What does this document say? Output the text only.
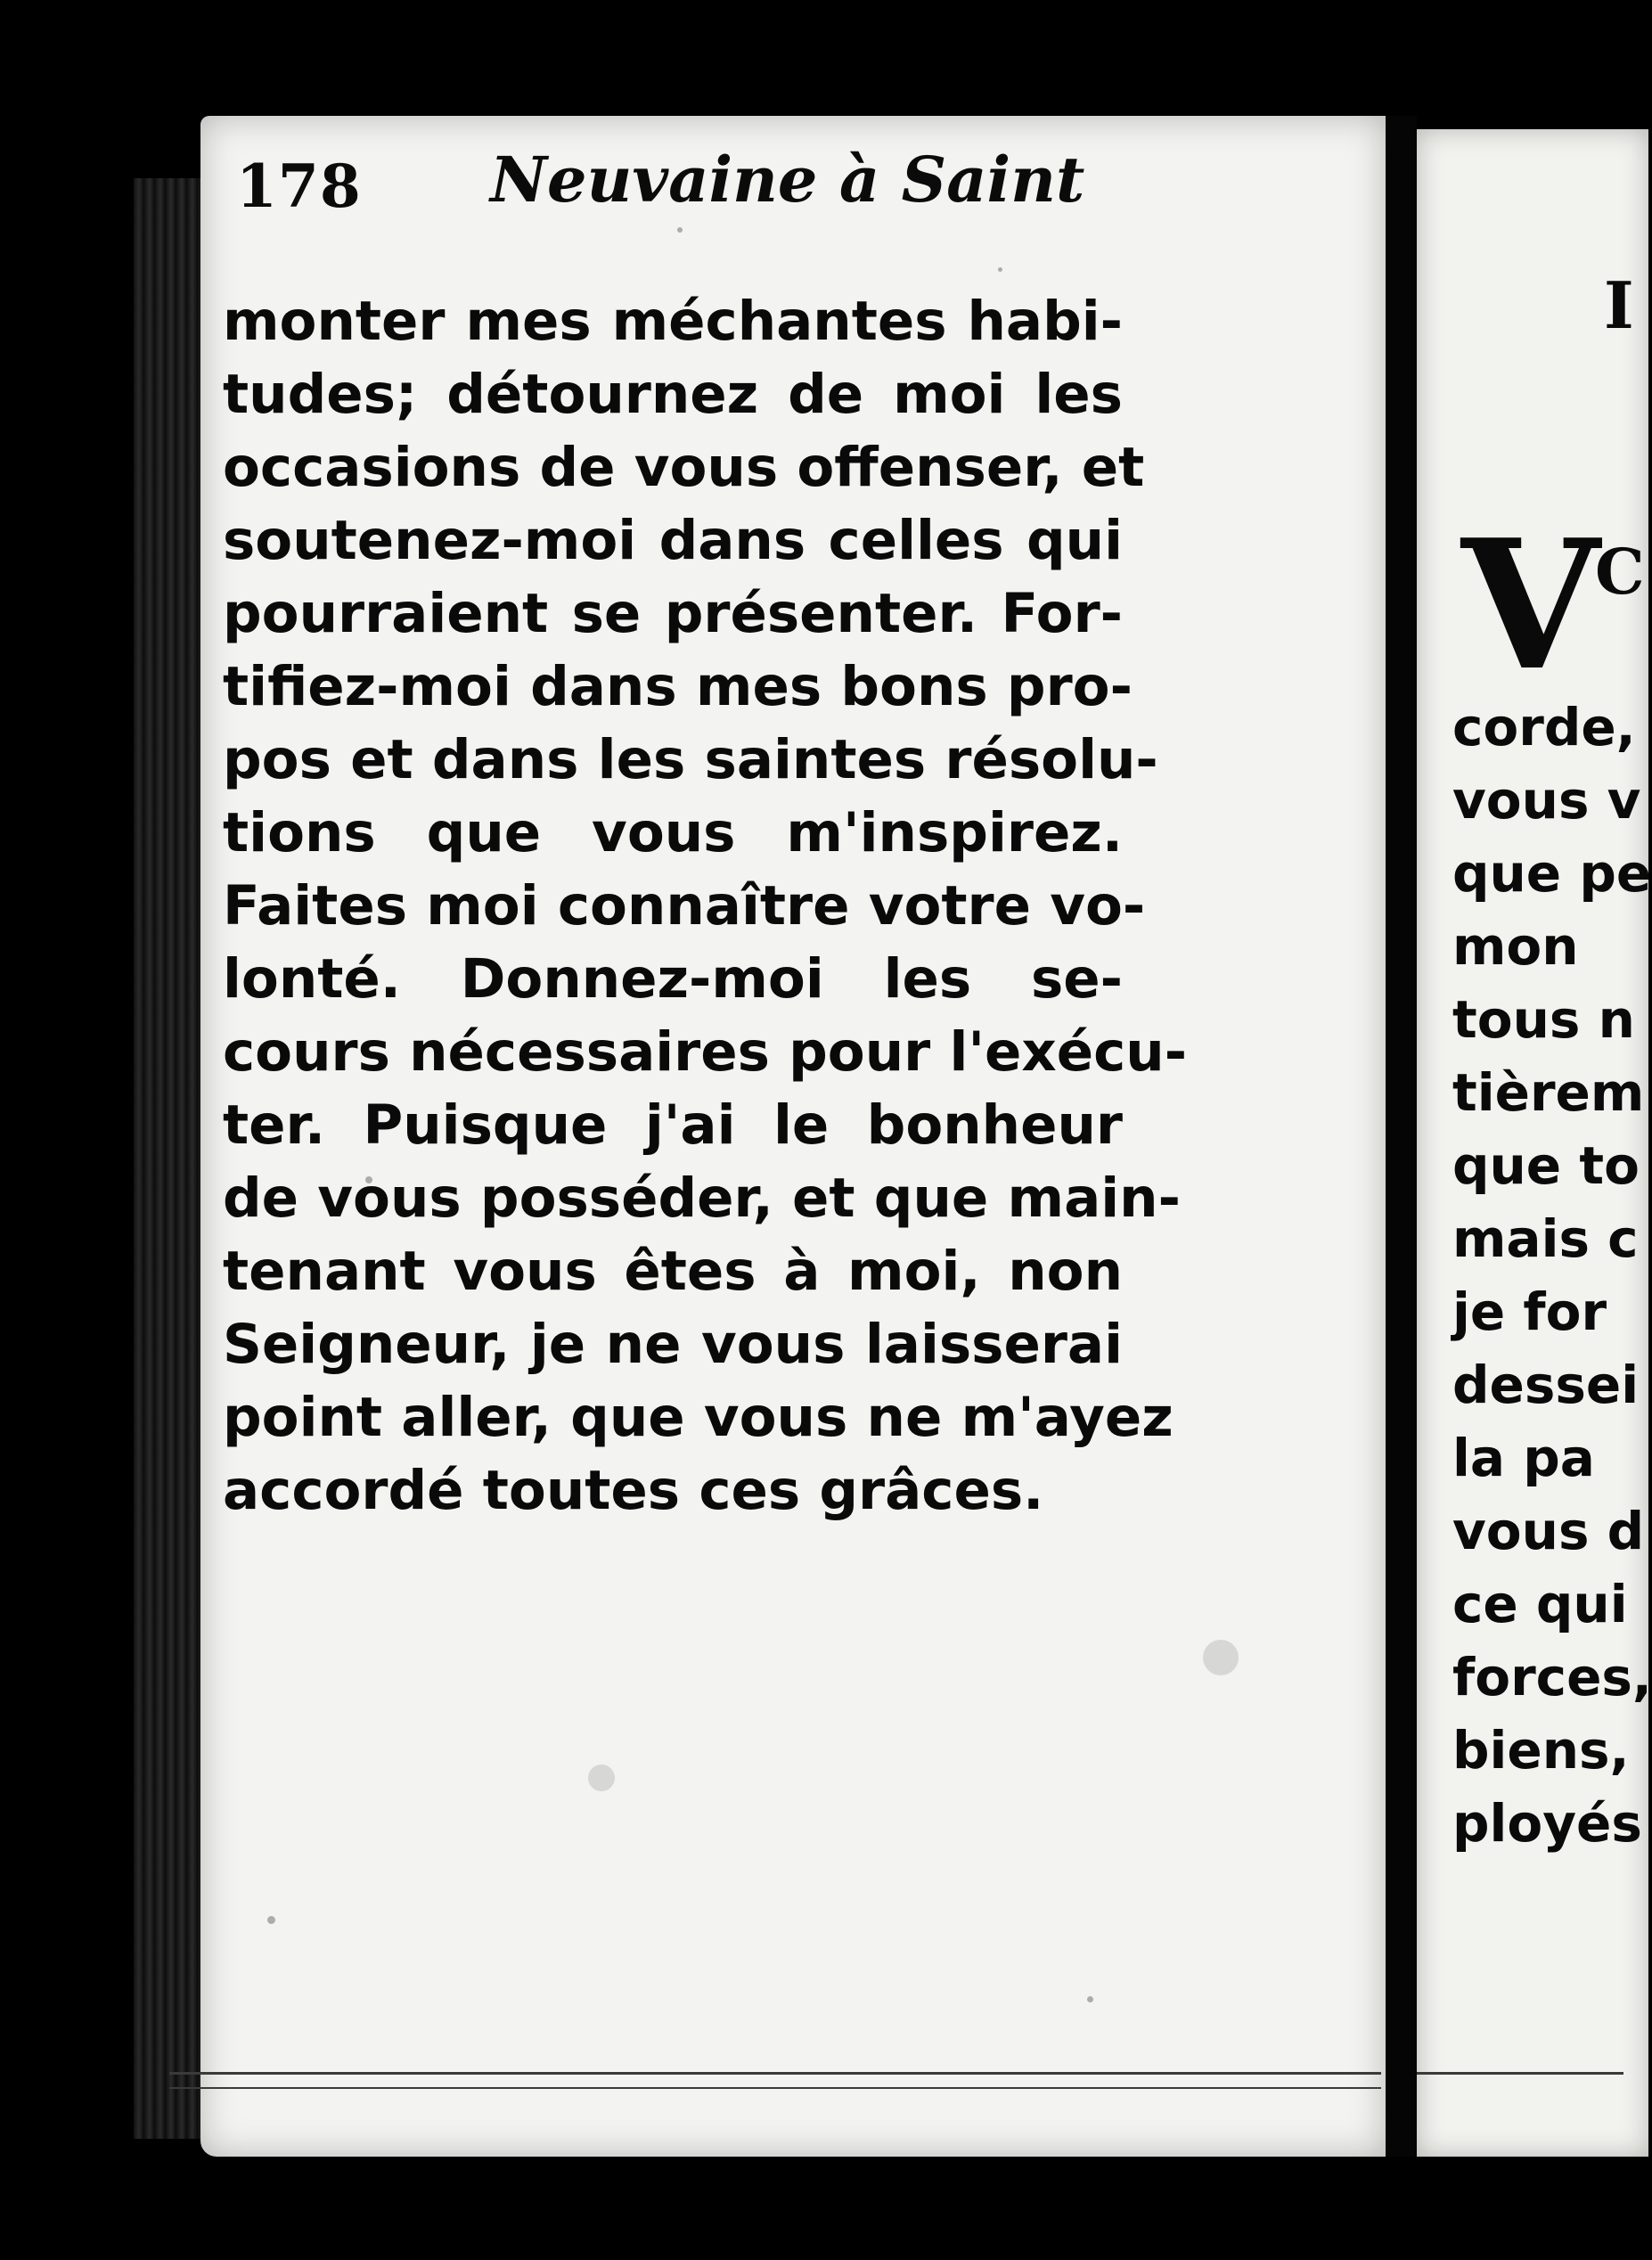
178 Neuvaine à Saint
monter mes méchantes habi-
tudes; détournez de moi les
occasions de vous offenser, et
soutenez-moi dans celles qui
pourraient se présenter. For-
tifiez-moi dans mes bons pro-
pos et dans les saintes résolu-
tions que vous m'inspirez.
Faites moi connaître votre vo-
lonté. Donnez-moi les se-
cours nécessaires pour l'exécu-
ter. Puisque j'ai le bonheur
de vous posséder, et que main-
tenant vous êtes à moi, non
Seigneur, je ne vous laisserai
point aller, que vous ne m'ayez
accordé toutes ces grâces.
I
V
C
corde,
vous v
que pe
mon
tous n
tièrem
que to
mais c
je for
dessei
la pa
vous d
ce qui
forces,
biens,
ployés
